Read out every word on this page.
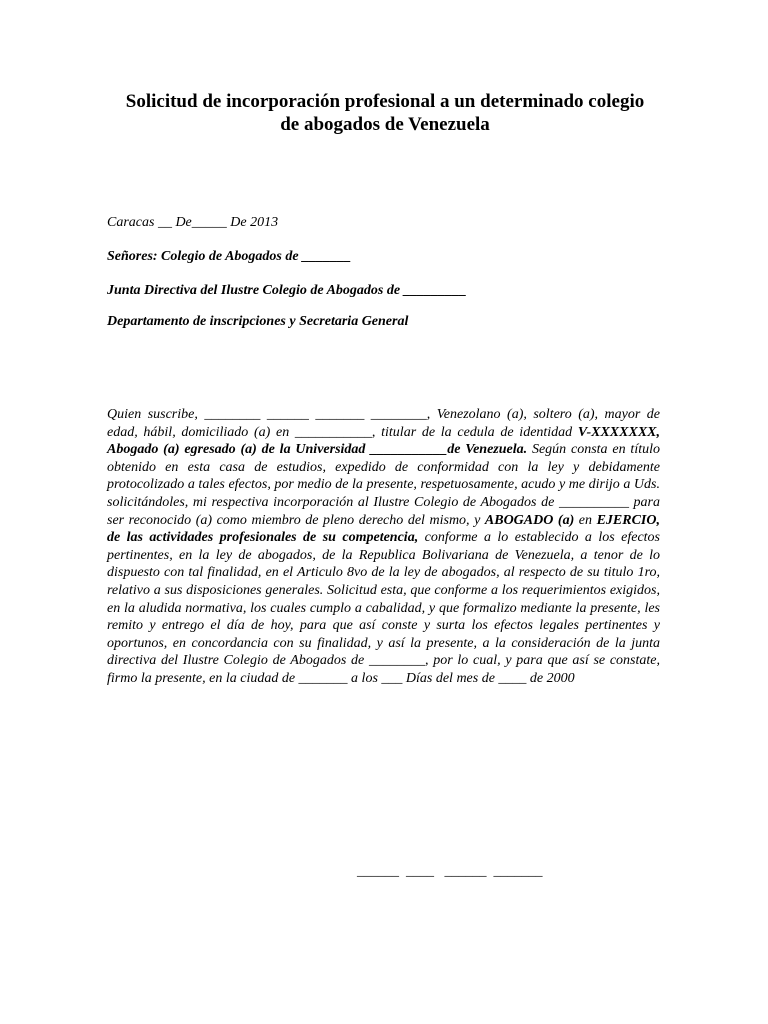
Solicitud de incorporación profesional a un determinado colegio
de abogados de Venezuela
Caracas __ De_____ De 2013
Señores: Colegio de Abogados de _______
Junta Directiva del Ilustre Colegio de Abogados de _________
Departamento de inscripciones y Secretaria General
Quien suscribe, ________ ______ _______ ________, Venezolano (a), soltero (a), mayor de edad, hábil, domiciliado (a) en ___________, titular de la cedula de identidad V-XXXXXXX, Abogado (a) egresado (a) de la Universidad ___________de Venezuela. Según consta en título obtenido en esta casa de estudios, expedido de conformidad con la ley y debidamente protocolizado a tales efectos, por medio de la presente, respetuosamente, acudo y me dirijo a Uds. solicitándoles, mi respectiva incorporación al Ilustre Colegio de Abogados de __________ para ser reconocido (a) como miembro de pleno derecho del mismo, y ABOGADO (a) en EJERCIO, de las actividades profesionales de su competencia, conforme a lo establecido a los efectos pertinentes, en la ley de abogados, de la Republica Bolivariana de Venezuela, a tenor de lo dispuesto con tal finalidad, en el Articulo 8vo de la ley de abogados, al respecto de su titulo 1ro, relativo a sus disposiciones generales. Solicitud esta, que conforme a los requerimientos exigidos, en la aludida normativa, los cuales cumplo a cabalidad, y que formalizo mediante la presente, les remito y entrego el día de hoy, para que así conste y surta los efectos legales pertinentes y oportunos, en concordancia con su finalidad, y así la presente, a la consideración de la junta directiva del Ilustre Colegio de Abogados de ________, por lo cual, y para que así se constate, firmo la presente, en la ciudad de _______ a los ___ Días del mes de ____ de 2000
______  ____   ______  _______
